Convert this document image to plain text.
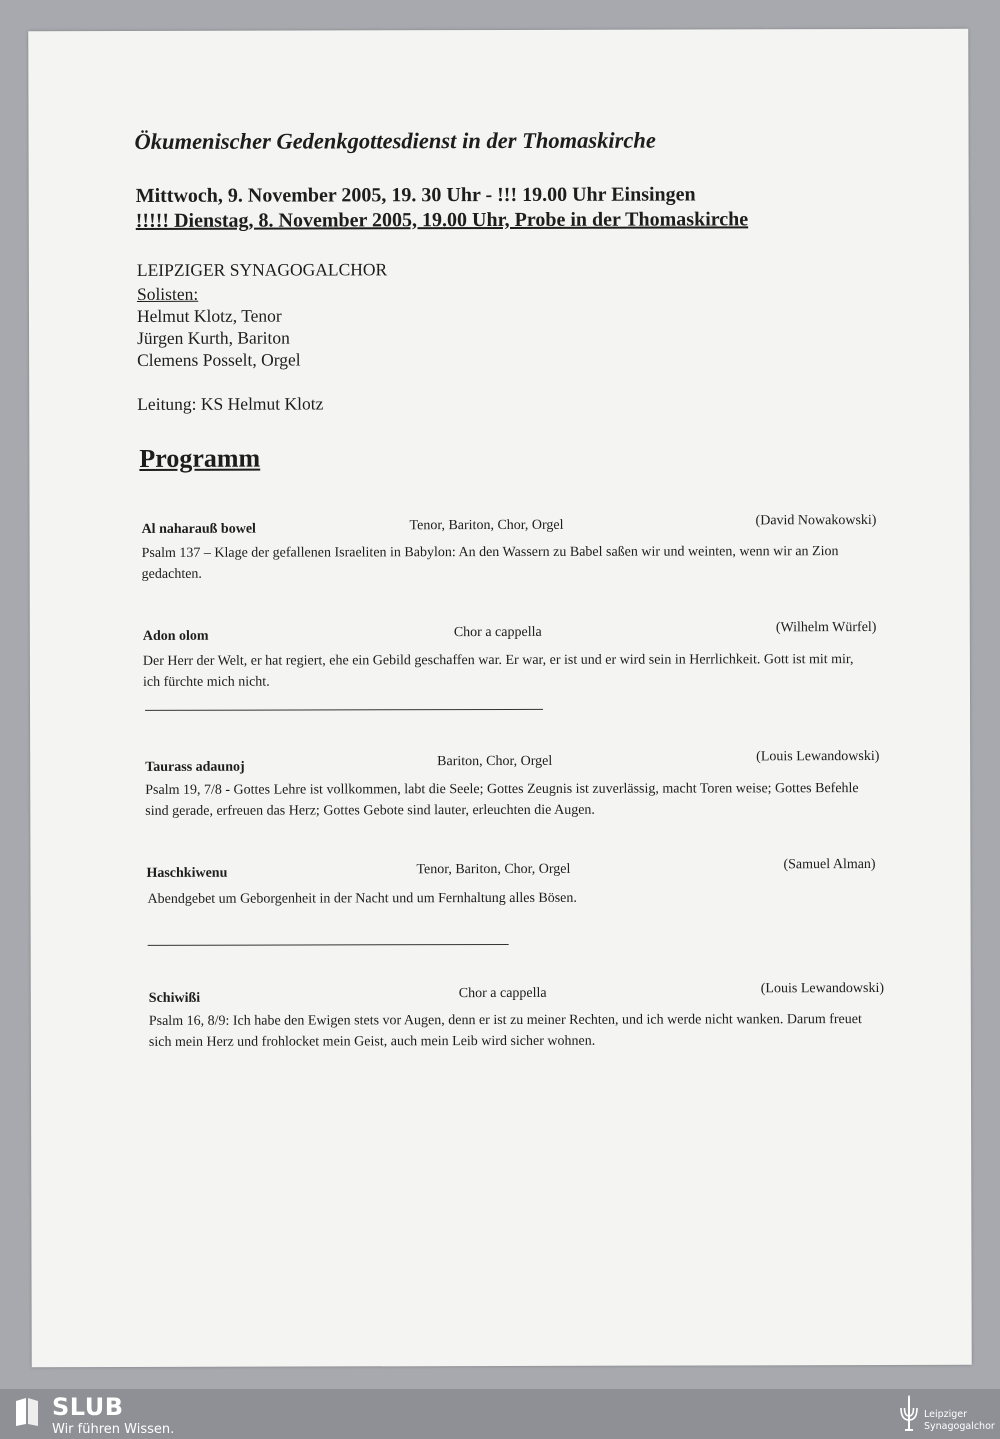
Ökumenischer Gedenkgottesdienst in der Thomaskirche
Mittwoch, 9. November 2005, 19. 30 Uhr - !!! 19.00 Uhr Einsingen
!!!!! Dienstag, 8. November 2005, 19.00 Uhr, Probe in der Thomaskirche
LEIPZIGER SYNAGOGALCHOR
Solisten:
Helmut Klotz, Tenor
Jürgen Kurth, Bariton
Clemens Posselt, Orgel
Leitung: KS Helmut Klotz
Programm
Al naharauß bowel	Tenor, Bariton, Chor, Orgel	(David Nowakowski)
Psalm 137 – Klage der gefallenen Israeliten in Babylon: An den Wassern zu Babel saßen wir und weinten, wenn wir an Zion gedachten.
Adon olom	Chor a cappella	(Wilhelm Würfel)
Der Herr der Welt, er hat regiert, ehe ein Gebild geschaffen war. Er war, er ist und er wird sein in Herrlichkeit. Gott ist mit mir, ich fürchte mich nicht.
Taurass adaunoj	Bariton, Chor, Orgel	(Louis Lewandowski)
Psalm 19, 7/8 - Gottes Lehre ist vollkommen, labt die Seele; Gottes Zeugnis ist zuverlässig, macht Toren weise; Gottes Befehle sind gerade, erfreuen das Herz; Gottes Gebote sind lauter, erleuchten die Augen.
Haschkiwenu	Tenor, Bariton, Chor, Orgel	(Samuel Alman)
Abendgebet um Geborgenheit in der Nacht und um Fernhaltung alles Bösen.
Schiwißi	Chor a cappella	(Louis Lewandowski)
Psalm 16, 8/9: Ich habe den Ewigen stets vor Augen, denn er ist zu meiner Rechten, und ich werde nicht wanken. Darum freuet sich mein Herz und frohlocket mein Geist, auch mein Leib wird sicher wohnen.
SLUB
Wir führen Wissen.
Leipziger
Synagogalchor
